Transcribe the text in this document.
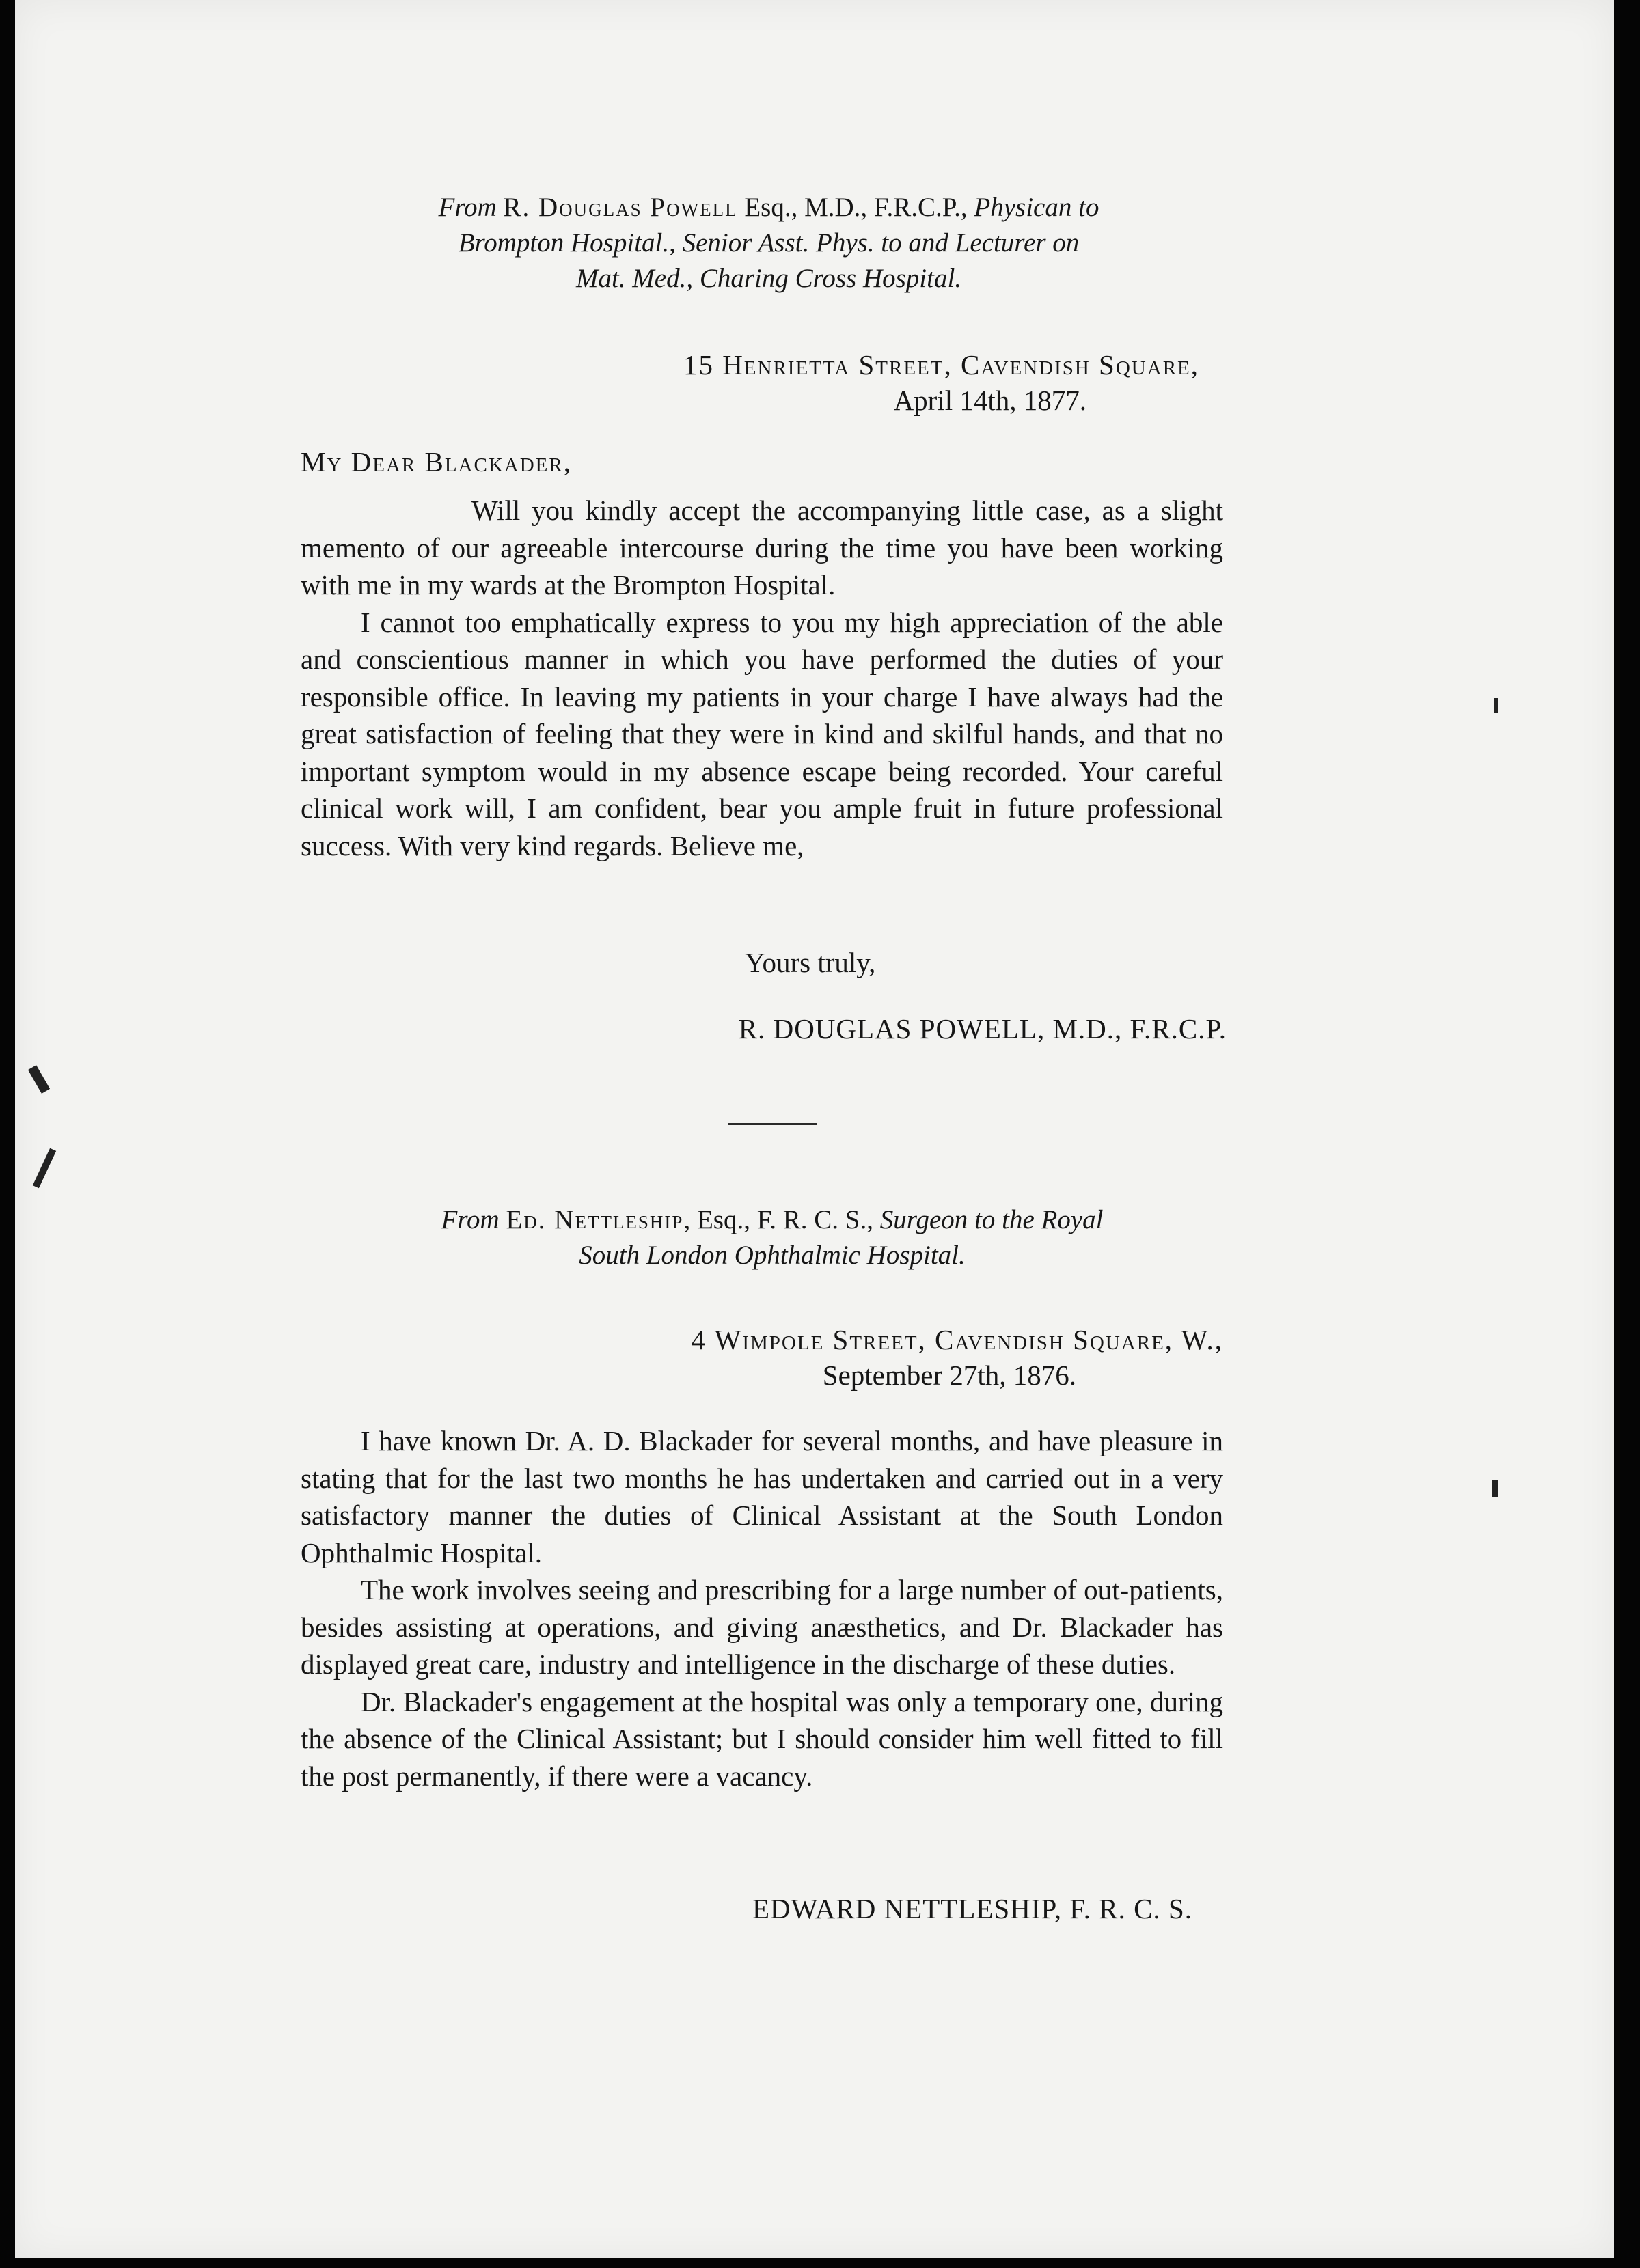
From R. Douglas Powell Esq., M.D., F.R.C.P., Physican to
Brompton Hospital., Senior Asst. Phys. to and Lecturer on
Mat. Med., Charing Cross Hospital.
15 Henrietta Street, Cavendish Square,
April 14th, 1877.
My Dear Blackader,

Will you kindly accept the accompanying little case, as a slight memento of our agreeable intercourse during the time you have been working with me in my wards at the Brompton Hospital.

I cannot too emphatically express to you my high appreciation of the able and conscientious manner in which you have performed the duties of your responsible office. In leaving my patients in your charge I have always had the great satisfaction of feeling that they were in kind and skilful hands, and that no important symptom would in my absence escape being recorded. Your careful clinical work will, I am confident, bear you ample fruit in future professional success. With very kind regards. Believe me,

Yours truly,
R. DOUGLAS POWELL, M.D., F.R.C.P.
From Ed. Nettleship, Esq., F. R. C. S., Surgeon to the Royal
South London Ophthalmic Hospital.
4 Wimpole Street, Cavendish Square, W.,
September 27th, 1876.

I have known Dr. A. D. Blackader for several months, and have pleasure in stating that for the last two months he has undertaken and carried out in a very satisfactory manner the duties of Clinical Assistant at the South London Ophthalmic Hospital.

The work involves seeing and prescribing for a large number of out-patients, besides assisting at operations, and giving anæsthetics, and Dr. Blackader has displayed great care, industry and intelligence in the discharge of these duties.

Dr. Blackader's engagement at the hospital was only a temporary one, during the absence of the Clinical Assistant; but I should consider him well fitted to fill the post permanently, if there were a vacancy.

EDWARD NETTLESHIP, F. R. C. S.
